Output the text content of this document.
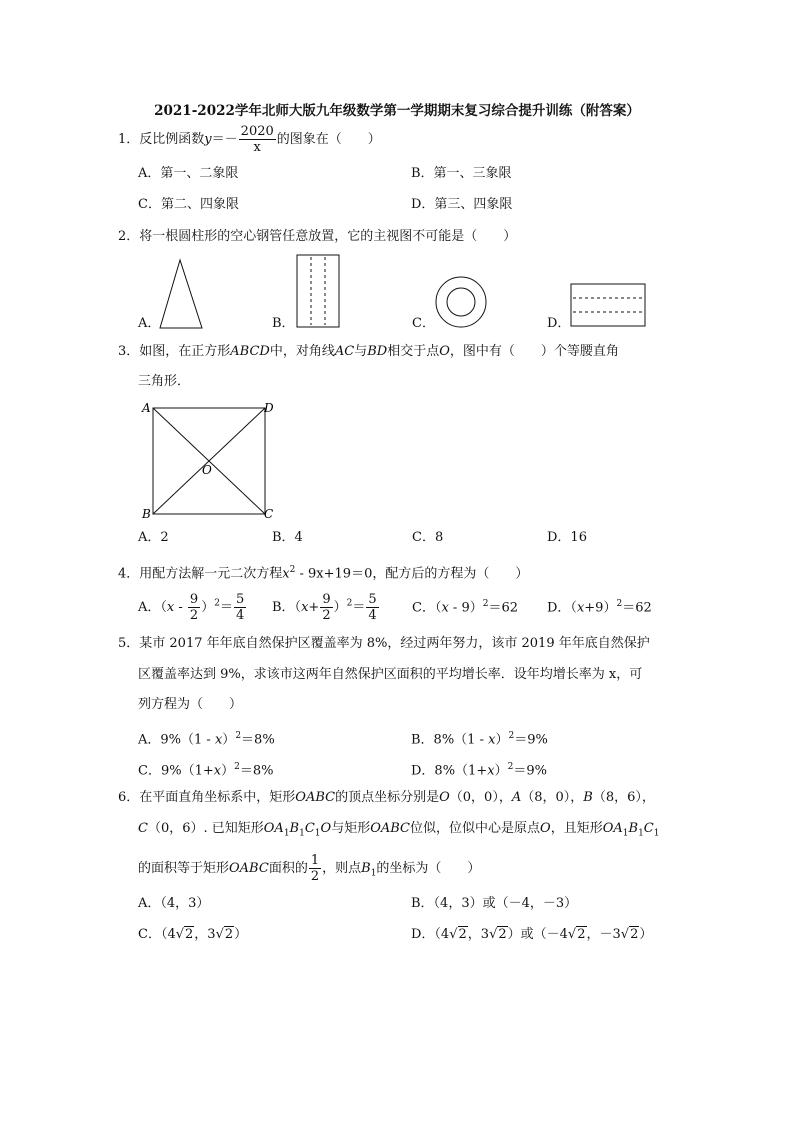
2021-2022学年北师大版九年级数学第一学期期末复习综合提升训练（附答案）
1．反比例函数$y=- \frac{2020}{x}$ 的图象在（　　）
A．第一、二象限	B．第一、三象限
C．第二、四象限	D．第三、四象限
2．将一根圆柱形的空心钢管任意放置，它的主视图不可能是（　　）
A．	B．	C．	D．
3．如图，在正方形ABCD中，对角线AC与BD相交于点O，图中有（　　）个等腰直角
三角形．
A	D
B	C
O
A．2	B．4	C．8	D．16
4．用配方法解一元二次方程$x^2 - 9x+19=0$，配方后的方程为（　　）
A．$(x - \frac{9}{2} )^2= \frac{5}{4}$ B．$(x+ \frac{9}{2} )^2= \frac{5}{4}$	C．（x - 9）$^2$＝62 D．$(x+9)^2=62$
5．某市 2017 年年底自然保护区覆盖率为 8%，经过两年努力，该市 2019 年年底自然保护
区覆盖率达到 9%，求该市这两年自然保护区面积的平均增长率．设年均增长率为 x，可
列方程为（　　）
A．9%（1 - x）$^2$＝8%	B．8%（1 - x）$^2$＝9%
C．$9\%(1+x)^2=8\%$	D．$8\%(1+x)^2=9\%$
6．在平面直角坐标系中，矩形OABC的顶点坐标分别是O（0，0），A（8，0），B（8，6），
C（0，6）. 已知矩形$OA_1B_1C_1O$与矩形OABC位似，位似中心是原点O，且矩形$OA_1B_1C_1$
的面积等于矩形OABC面积的 $\frac{1}{2}$ ，则点$B_1$的坐标为（　　）
A．（4，3）	B．（4，3）或（－4，－3）
C．（4√2，3√2）	D．（4√2，3√2）或（－4√2，－3√2）
